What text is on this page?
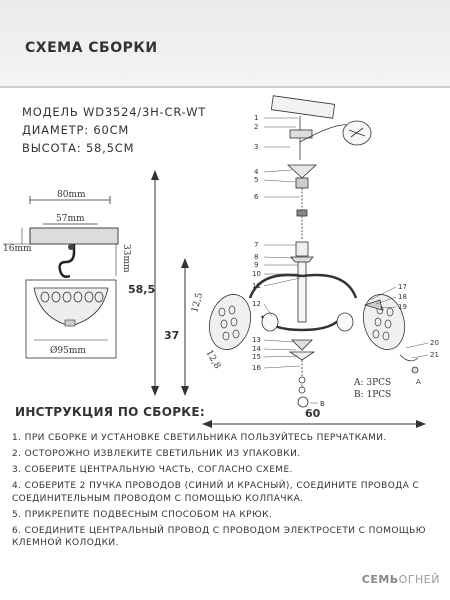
СХЕМА СБОРКИ
МОДЕЛЬ WD3524/3H-CR-WT
ДИАМЕТР: 60СМ
ВЫСОТА: 58,5СМ
80mm
57mm
16mm	33mm
Ø95mm
58,5
37
60
12,5
12,8
1
2
3
4
5
6
7
8
9
10
11
12
13
14
15
16
17
18
19
20
21
B
A
A: 3PCS
B: 1PCS
ИНСТРУКЦИЯ ПО СБОРКЕ:
1. ПРИ СБОРКЕ И УСТАНОВКЕ СВЕТИЛЬНИКА ПОЛЬЗУЙТЕСЬ ПЕРЧАТКАМИ.
2. ОСТОРОЖНО ИЗВЛЕКИТЕ СВЕТИЛЬНИК ИЗ УПАКОВКИ.
3. СОБЕРИТЕ ЦЕНТРАЛЬНУЮ ЧАСТЬ, СОГЛАСНО СХЕМЕ.
4. СОБЕРИТЕ 2 ПУЧКА ПРОВОДОВ (СИНИЙ И КРАСНЫЙ), СОЕДИНИТЕ ПРОВОДА С СОЕДИНИТЕЛЬНЫМ ПРОВОДОМ С ПОМОЩЬЮ КОЛПАЧКА.
5. ПРИКРЕПИТЕ ПОДВЕСНЫМ СПОСОБОМ НА КРЮК.
6. СОЕДИНИТЕ ЦЕНТРАЛЬНЫЙ ПРОВОД С ПРОВОДОМ ЭЛЕКТРОСЕТИ С ПОМОЩЬЮ КЛЕМНОЙ КОЛОДКИ.
СЕМЬОГНЕЙ
